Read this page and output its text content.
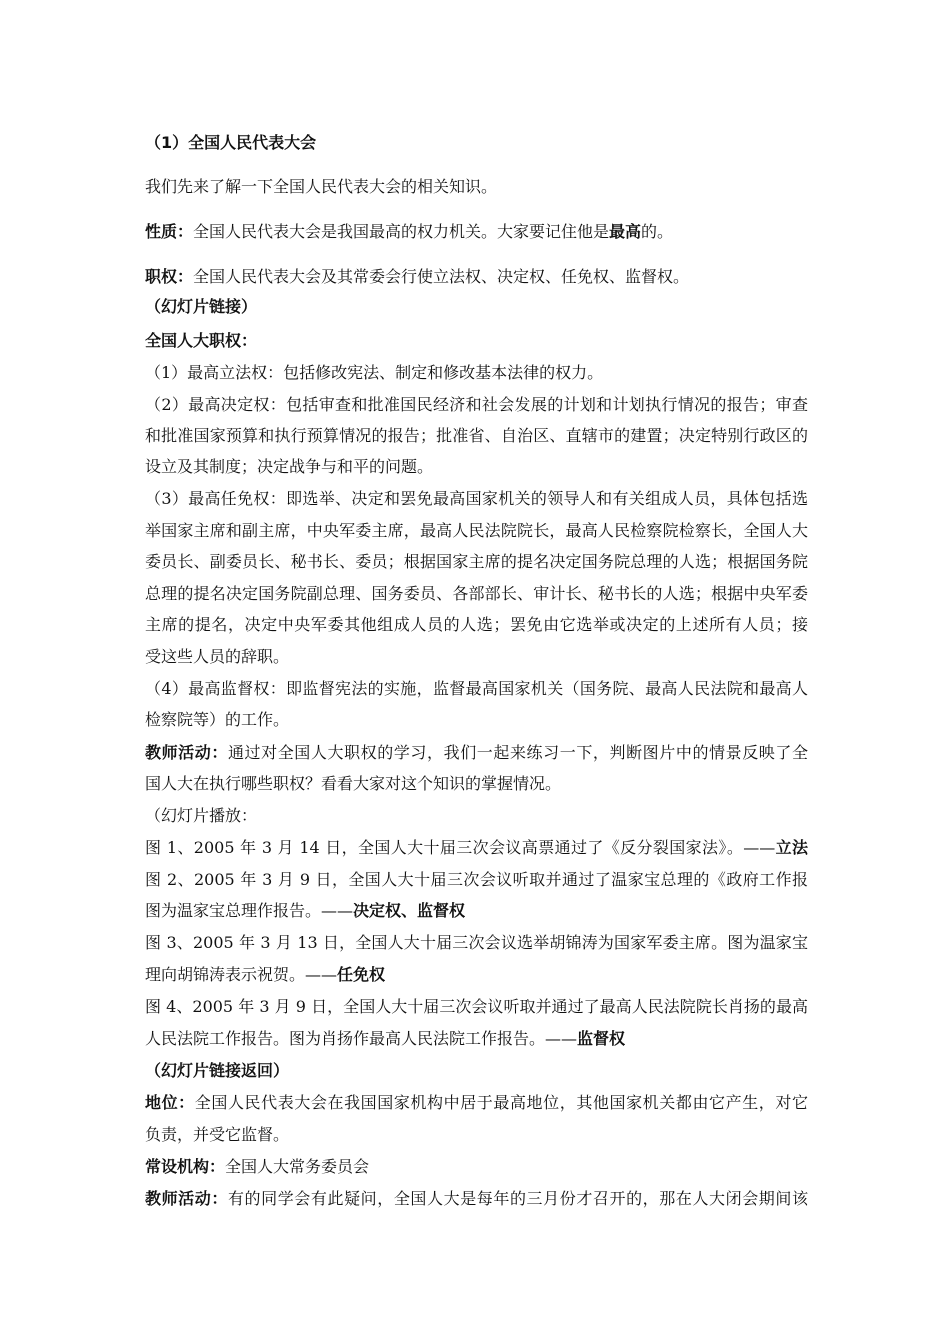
（1）全国人民代表大会
我们先来了解一下全国人民代表大会的相关知识。
性质：全国人民代表大会是我国最高的权力机关。大家要记住他是最高的。
职权：全国人民代表大会及其常委会行使立法权、决定权、任免权、监督权。
（幻灯片链接）
全国人大职权：
（1）最高立法权：包括修改宪法、制定和修改基本法律的权力。
（2）最高决定权：包括审查和批准国民经济和社会发展的计划和计划执行情况的报告；审查
和批准国家预算和执行预算情况的报告；批准省、自治区、直辖市的建置；决定特别行政区的
设立及其制度；决定战争与和平的问题。
（3）最高任免权：即选举、决定和罢免最高国家机关的领导人和有关组成人员，具体包括选
举国家主席和副主席，中央军委主席，最高人民法院院长，最高人民检察院检察长，全国人大
委员长、副委员长、秘书长、委员；根据国家主席的提名决定国务院总理的人选；根据国务院
总理的提名决定国务院副总理、国务委员、各部部长、审计长、秘书长的人选；根据中央军委
主席的提名，决定中央军委其他组成人员的人选；罢免由它选举或决定的上述所有人员；接
受这些人员的辞职。
（4）最高监督权：即监督宪法的实施，监督最高国家机关（国务院、最高人民法院和最高人
检察院等）的工作。
教师活动：通过对全国人大职权的学习，我们一起来练习一下，判断图片中的情景反映了全
国人大在执行哪些职权？看看大家对这个知识的掌握情况。
（幻灯片播放：
图 1、2005 年 3 月 14 日，全国人大十届三次会议高票通过了《反分裂国家法》。——立法
图 2、2005 年 3 月 9 日，全国人大十届三次会议听取并通过了温家宝总理的《政府工作报
图为温家宝总理作报告。——决定权、监督权
图 3、2005 年 3 月 13 日，全国人大十届三次会议选举胡锦涛为国家军委主席。图为温家宝
理向胡锦涛表示祝贺。——任免权
图 4、2005 年 3 月 9 日，全国人大十届三次会议听取并通过了最高人民法院院长肖扬的最高
人民法院工作报告。图为肖扬作最高人民法院工作报告。——监督权
（幻灯片链接返回）
地位：全国人民代表大会在我国国家机构中居于最高地位，其他国家机关都由它产生，对它
负责，并受它监督。
常设机构：全国人大常务委员会
教师活动：有的同学会有此疑问，全国人大是每年的三月份才召开的，那在人大闭会期间该
